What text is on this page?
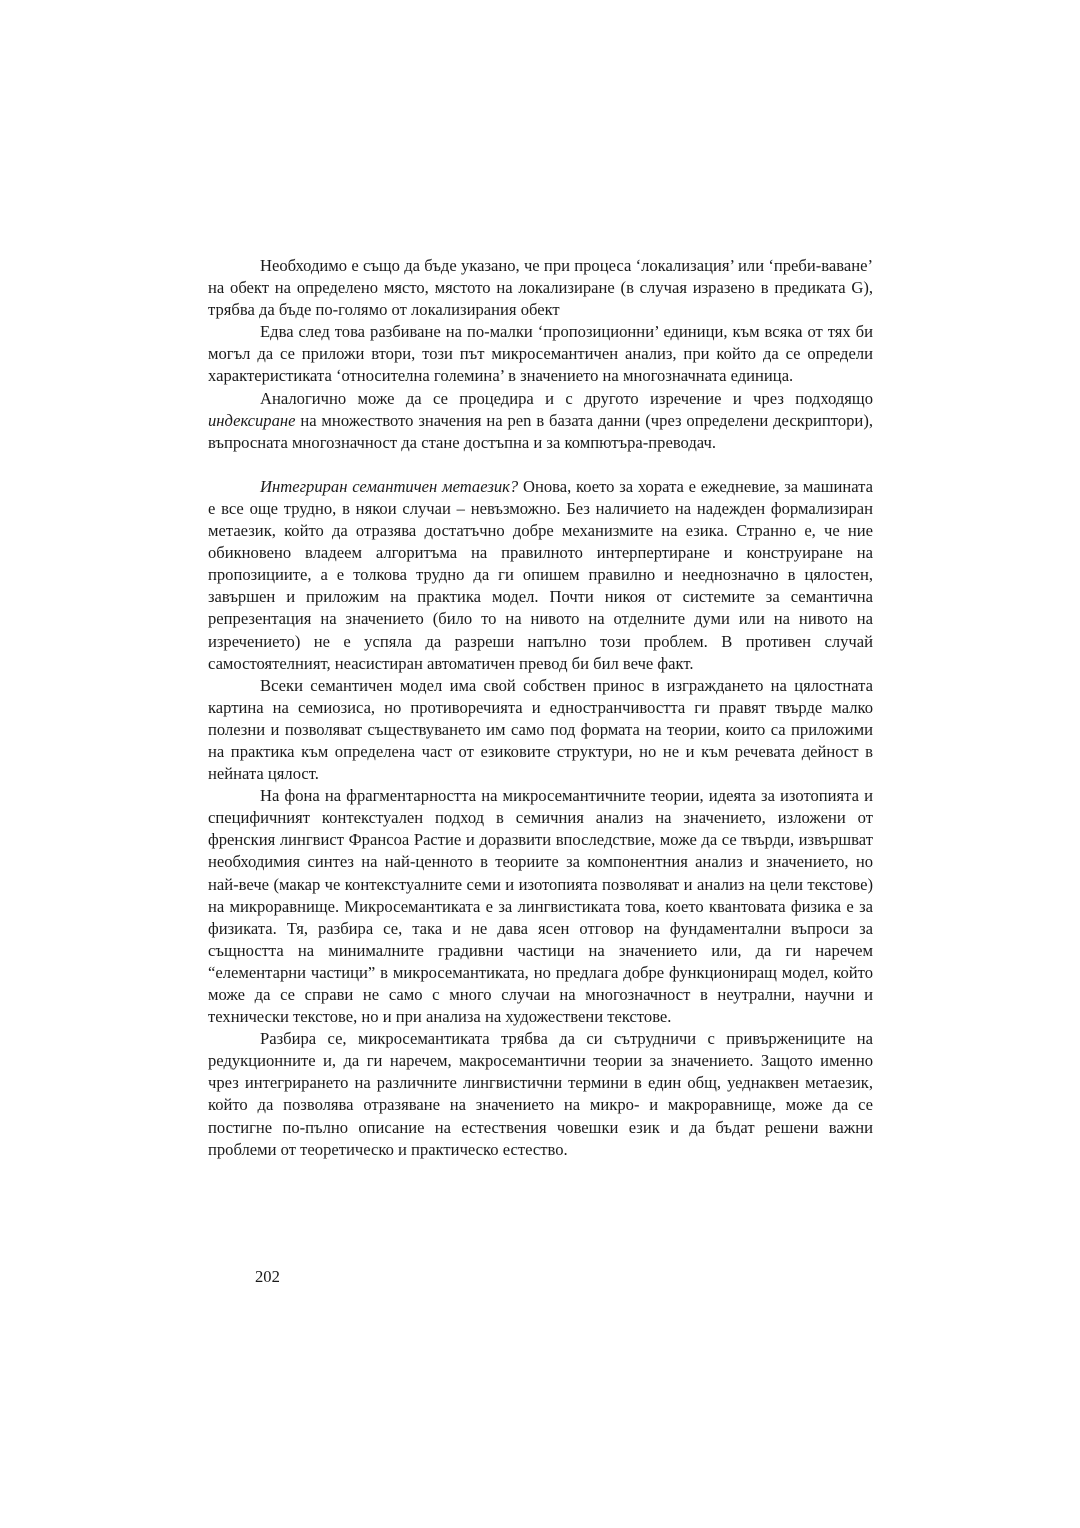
Необходимо е също да бъде указано, че при процеса ‘локализация’ или ‘преби-ваване’ на обект на определено място, мястото на локализиране (в случая изразено в предиката G), трябва да бъде по-голямо от локализирания обект

Едва след това разбиване на по-малки ‘пропозиционни’ единици, към всяка от тях би могъл да се приложи втори, този път микросемантичен анализ, при който да се определи характеристиката ‘относителна големина’ в значението на многозначната единица.

Аналогично може да се процедира и с другото изречение и чрез подходящо индексиране на множеството значения на pen в базата данни (чрез определени дескриптори), въпросната многозначност да стане достъпна и за компютъра-преводач.

Интегриран семантичен метаезик? Онова, което за хората е ежедневие, за машината е все още трудно, в някои случаи – невъзможно. Без наличието на надежден формализиран метаезик, който да отразява достатъчно добре механизмите на езика. Странно е, че ние обикновено владеем алгоритъма на правилното интерпертиране и конструиране на пропозициите, а е толкова трудно да ги опишем правилно и нееднозначно в цялостен, завършен и приложим на практика модел. Почти никоя от системите за семантична репрезентация на значението (било то на нивото на отделните думи или на нивото на изречението) не е успяла да разреши напълно този проблем. В противен случай самостоятелният, неасистиран автоматичен превод би бил вече факт.

Всеки семантичен модел има свой собствен принос в изграждането на цялостната картина на семиозиса, но противоречията и едностранчивостта ги правят твърде малко полезни и позволяват съществуването им само под формата на теории, които са приложими на практика към определена част от езиковите структури, но не и към речевата дейност в нейната цялост.

На фона на фрагментарността на микросемантичните теории, идеята за изотопията и специфичният контекстуален подход в семичния анализ на значението, изложени от френския лингвист Франсоа Растие и доразвити впоследствие, може да се твърди, извършват необходимия синтез на най-ценното в теориите за компонентния анализ и значението, но най-вече (макар че контекстуалните семи и изотопията позволяват и анализ на цели текстове) на микроравнище. Микросемантиката е за лингвистиката това, което квантовата физика е за физиката. Тя, разбира се, така и не дава ясен отговор на фундаментални въпроси за същността на минималните градивни частици на значението или, да ги наречем “елементарни частици” в микросемантиката, но предлага добре функциониращ модел, който може да се справи не само с много случаи на многозначност в неутрални, научни и технически текстове, но и при анализа на художествени текстове.

Разбира се, микросемантиката трябва да си сътрудничи с привържениците на редукционните и, да ги наречем, макросемантични теории за значението. Защото именно чрез интегрирането на различните лингвистични термини в един общ, уеднаквен метаезик, който да позволява отразяване на значението на микро- и макроравнище, може да се постигне по-пълно описание на естествения човешки език и да бъдат решени важни проблеми от теоретическо и практическо естество.

202
